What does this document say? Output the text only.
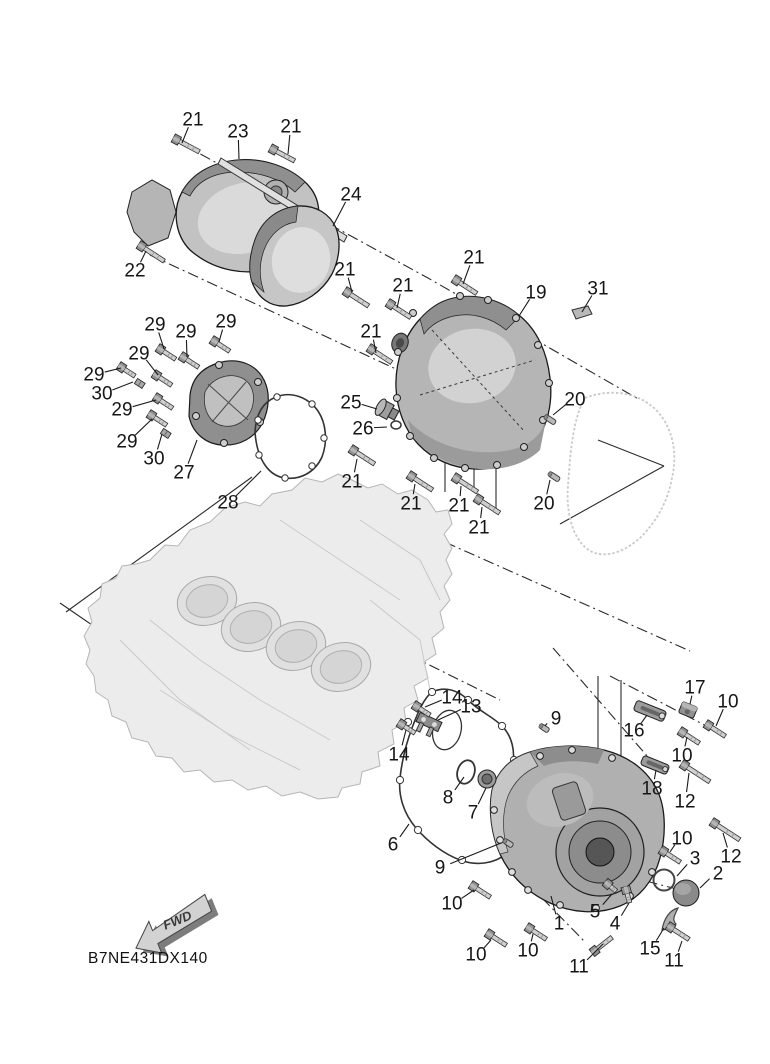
FWD
B7NE431DX140
21
23 21
24
22	21
21
21
19 31
21
29 29 29
29
29
30
29
29
30
27
28
25
26
20
21
21 21
21
20
14
13
9
17
10
16
14	10
18
12
8
7
6	10
3 12
2
9
10
10 10
5
4
1
15
11
11
